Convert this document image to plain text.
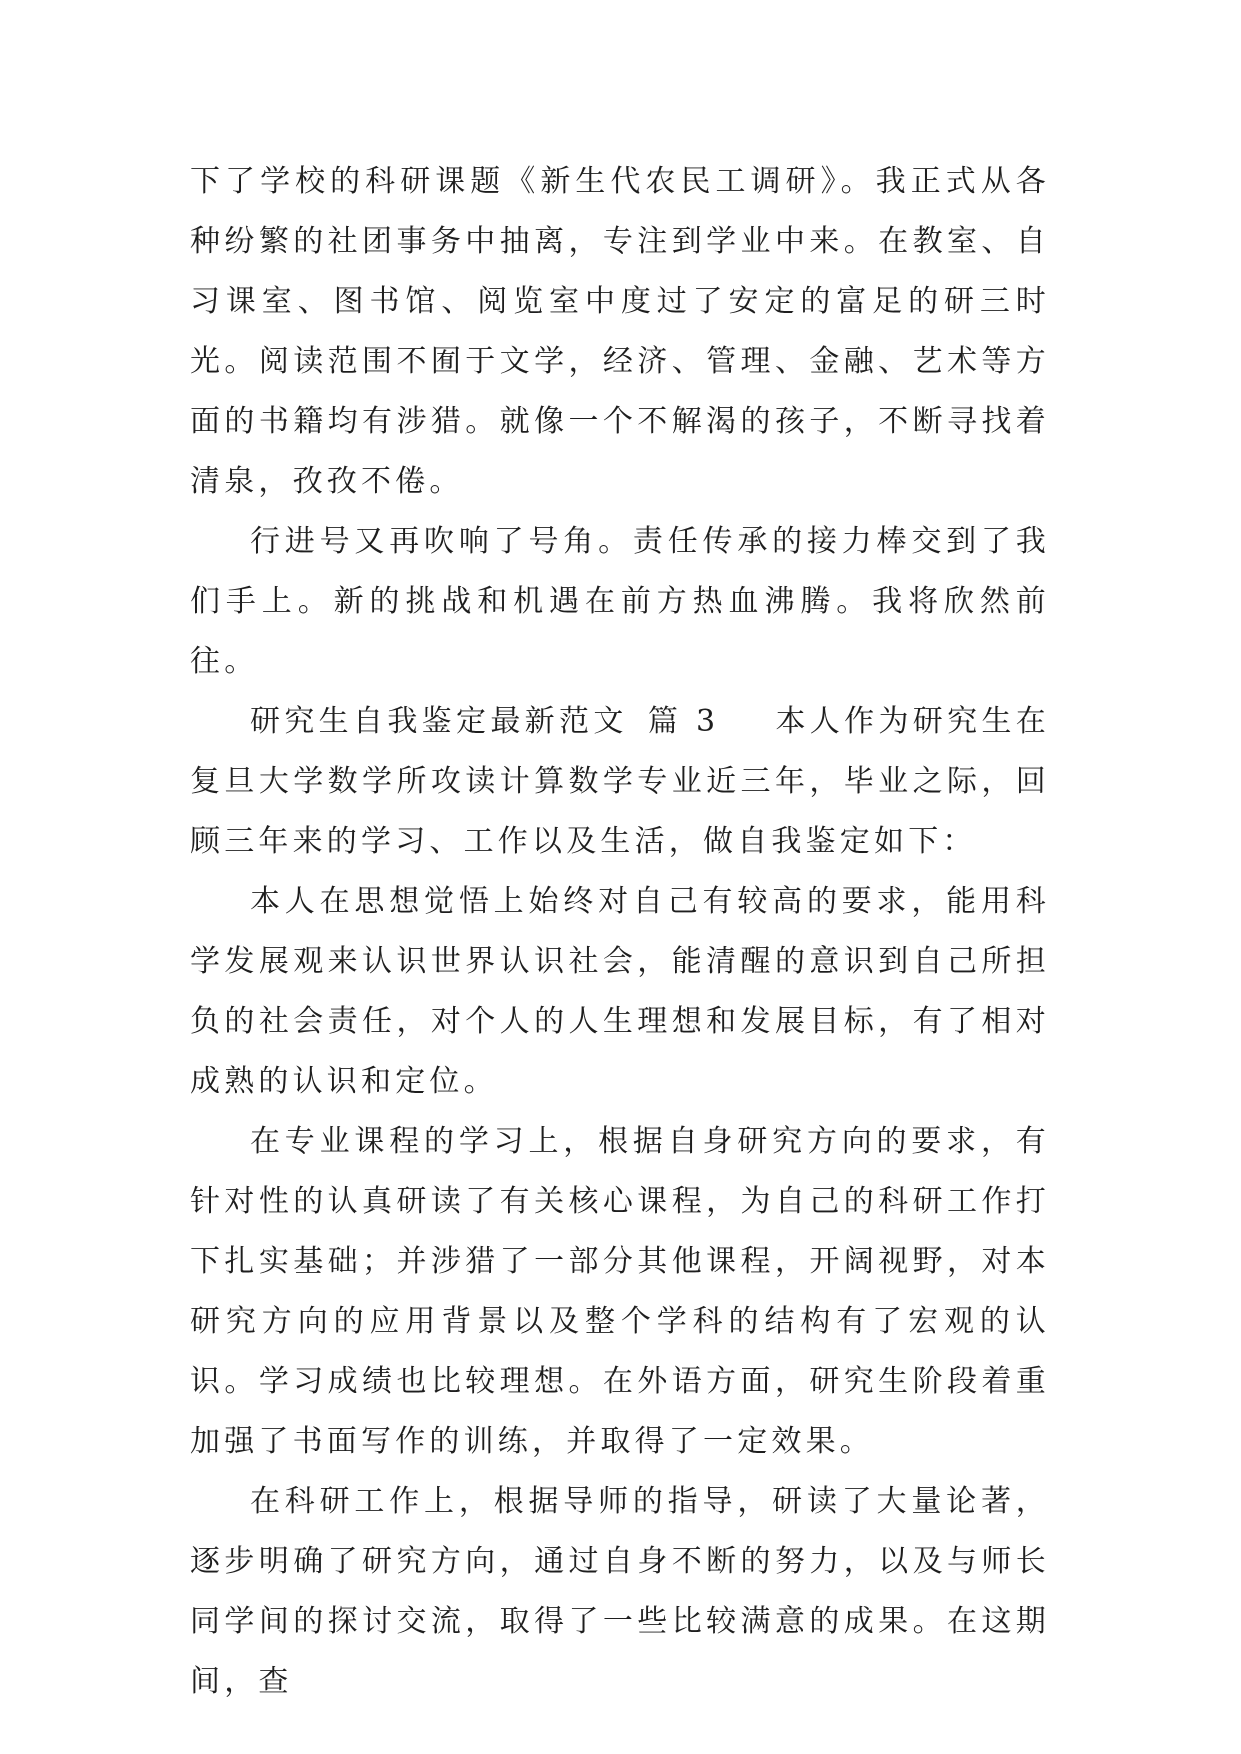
下了学校的科研课题《新生代农民工调研》。我正式从各种纷繁的社团事务中抽离，专注到学业中来。在教室、自习课室、图书馆、阅览室中度过了安定的富足的研三时光。阅读范围不囿于文学，经济、管理、金融、艺术等方面的书籍均有涉猎。就像一个不解渴的孩子，不断寻找着清泉，孜孜不倦。

行进号又再吹响了号角。责任传承的接力棒交到了我们手上。新的挑战和机遇在前方热血沸腾。我将欣然前往。

研究生自我鉴定最新范文 篇 3 本人作为研究生在复旦大学数学所攻读计算数学专业近三年，毕业之际，回顾三年来的学习、工作以及生活，做自我鉴定如下：

本人在思想觉悟上始终对自己有较高的要求，能用科学发展观来认识世界认识社会，能清醒的意识到自己所担负的社会责任，对个人的人生理想和发展目标，有了相对成熟的认识和定位。

在专业课程的学习上，根据自身研究方向的要求，有针对性的认真研读了有关核心课程，为自己的科研工作打下扎实基础；并涉猎了一部分其他课程，开阔视野，对本研究方向的应用背景以及整个学科的结构有了宏观的认识。学习成绩也比较理想。在外语方面，研究生阶段着重加强了书面写作的训练，并取得了一定效果。

在科研工作上，根据导师的指导，研读了大量论著，逐步明确了研究方向，通过自身不断的努力，以及与师长同学间的探讨交流，取得了一些比较满意的成果。在这期间，查
